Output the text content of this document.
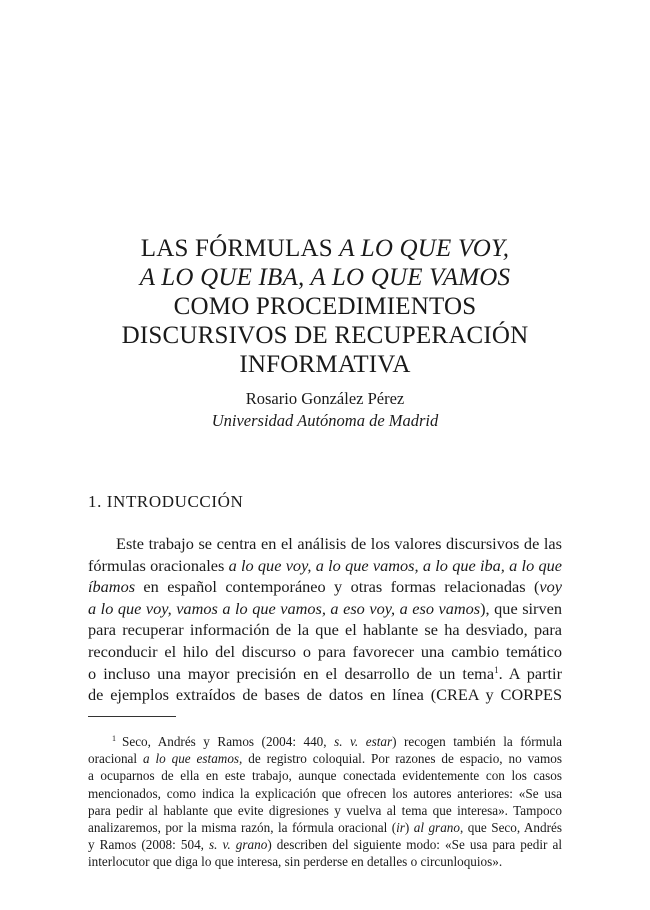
LAS FÓRMULAS A LO QUE VOY,
A LO QUE IBA, A LO QUE VAMOS
COMO PROCEDIMIENTOS
DISCURSIVOS DE RECUPERACIÓN
INFORMATIVA
Rosario González Pérez
Universidad Autónoma de Madrid
1. INTRODUCCIÓN
Este trabajo se centra en el análisis de los valores discursivos de las
fórmulas oracionales a lo que voy, a lo que vamos, a lo que iba, a lo que
íbamos en español contemporáneo y otras formas relacionadas (voy
a lo que voy, vamos a lo que vamos, a eso voy, a eso vamos), que sirven
para recuperar información de la que el hablante se ha desviado, para
reconducir el hilo del discurso o para favorecer una cambio temático
o incluso una mayor precisión en el desarrollo de un tema$^1$. A partir
de ejemplos extraídos de bases de datos en línea (CREA y CORPES
$^1$ Seco, Andrés y Ramos (2004: 440, s. v. estar) recogen también la fórmula
oracional a lo que estamos, de registro coloquial. Por razones de espacio, no vamos
a ocuparnos de ella en este trabajo, aunque conectada evidentemente con los casos
mencionados, como indica la explicación que ofrecen los autores anteriores: «Se usa
para pedir al hablante que evite digresiones y vuelva al tema que interesa». Tampoco
analizaremos, por la misma razón, la fórmula oracional (ir) al grano, que Seco, Andrés
y Ramos (2008: 504, s. v. grano) describen del siguiente modo: «Se usa para pedir al
interlocutor que diga lo que interesa, sin perderse en detalles o circunloquios».
